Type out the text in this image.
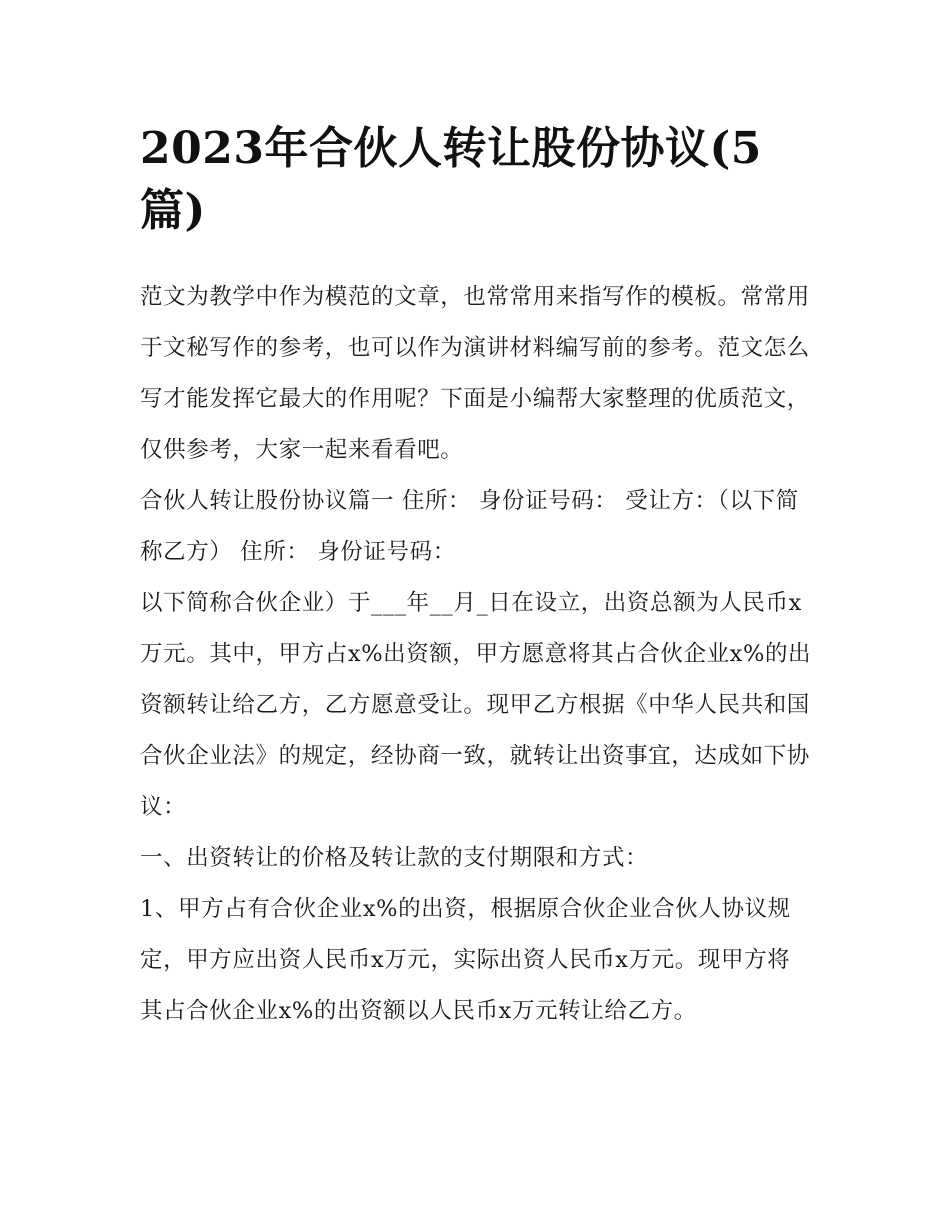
2023年合伙人转让股份协议(5篇)

范文为教学中作为模范的文章，也常常用来指写作的模板。常常用于文秘写作的参考，也可以作为演讲材料编写前的参考。范文怎么写才能发挥它最大的作用呢？下面是小编帮大家整理的优质范文，仅供参考，大家一起来看看吧。

合伙人转让股份协议篇一 住所： 身份证号码： 受让方：（以下简称乙方） 住所： 身份证号码：

以下简称合伙企业）于___年__月_日在设立，出资总额为人民币x万元。其中，甲方占x%出资额，甲方愿意将其占合伙企业x%的出资额转让给乙方，乙方愿意受让。现甲乙方根据《中华人民共和国合伙企业法》的规定，经协商一致，就转让出资事宜，达成如下协议：

一、出资转让的价格及转让款的支付期限和方式：

1、甲方占有合伙企业x%的出资，根据原合伙企业合伙人协议规定，甲方应出资人民币x万元，实际出资人民币x万元。现甲方将其占合伙企业x%的出资额以人民币x万元转让给乙方。
